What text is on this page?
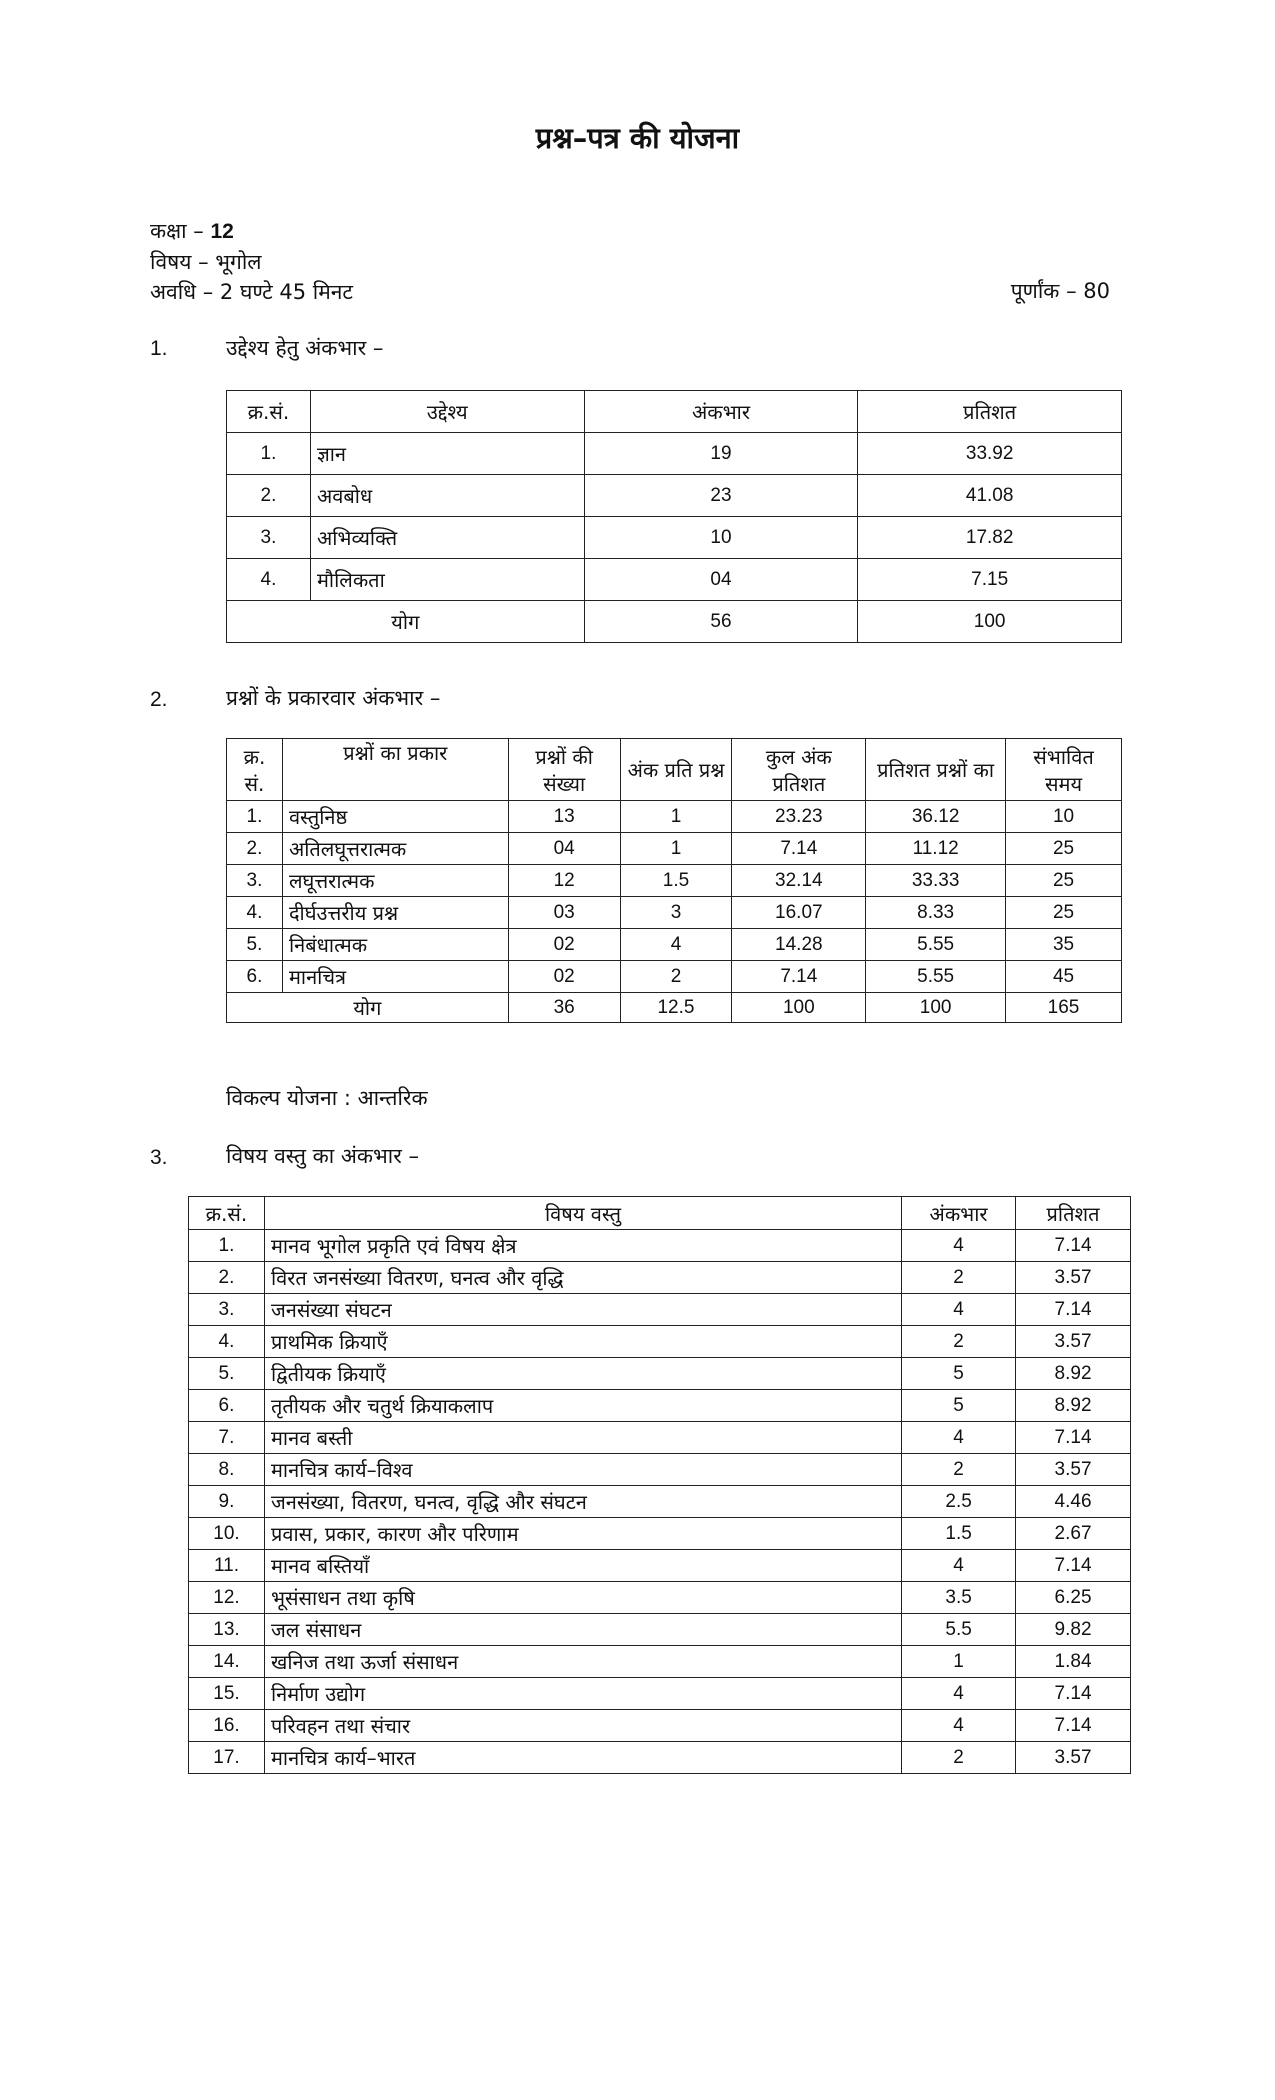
प्रश्न–पत्र की योजना
कक्षा – 12
विषय – भूगोल
अवधि – 2 घण्टे 45 मिनट	पूर्णांक – 80
1.	उद्देश्य हेतु अंकभार –
क्र.सं.	उद्देश्य	अंकभार	प्रतिशत
1.	ज्ञान	19	33.92
2.	अवबोध	23	41.08
3.	अभिव्यक्ति	10	17.82
4.	मौलिकता	04	7.15
योग		56	100
2.	प्रश्नों के प्रकारवार अंकभार –
क्र. सं.	प्रश्नों का प्रकार	प्रश्नों की संख्या	अंक प्रति प्रश्न	कुल अंक प्रतिशत	प्रतिशत प्रश्नों का	संभावित समय
1.	वस्तुनिष्ठ	13	1	23.23	36.12	10
2.	अतिलघूत्तरात्मक	04	1	7.14	11.12	25
3.	लघूत्तरात्मक	12	1.5	32.14	33.33	25
4.	दीर्घउत्तरीय प्रश्न	03	3	16.07	8.33	25
5.	निबंधात्मक	02	4	14.28	5.55	35
6.	मानचित्र	02	2	7.14	5.55	45
योग		36	12.5	100	100	165
विकल्प योजना : आन्तरिक
3.	विषय वस्तु का अंकभार –
क्र.सं.	विषय वस्तु	अंकभार	प्रतिशत
1.	मानव भूगोल प्रकृति एवं विषय क्षेत्र	4	7.14
2.	विरत जनसंख्या वितरण, घनत्व और वृद्धि	2	3.57
3.	जनसंख्या संघटन	4	7.14
4.	प्राथमिक क्रियाएँ	2	3.57
5.	द्वितीयक क्रियाएँ	5	8.92
6.	तृतीयक और चतुर्थ क्रियाकलाप	5	8.92
7.	मानव बस्ती	4	7.14
8.	मानचित्र कार्य–विश्व	2	3.57
9.	जनसंख्या, वितरण, घनत्व, वृद्धि और संघटन	2.5	4.46
10.	प्रवास, प्रकार, कारण और परिणाम	1.5	2.67
11.	मानव बस्तियाँ	4	7.14
12.	भूसंसाधन तथा कृषि	3.5	6.25
13.	जल संसाधन	5.5	9.82
14.	खनिज तथा ऊर्जा संसाधन	1	1.84
15.	निर्माण उद्योग	4	7.14
16.	परिवहन तथा संचार	4	7.14
17.	मानचित्र कार्य–भारत	2	3.57
